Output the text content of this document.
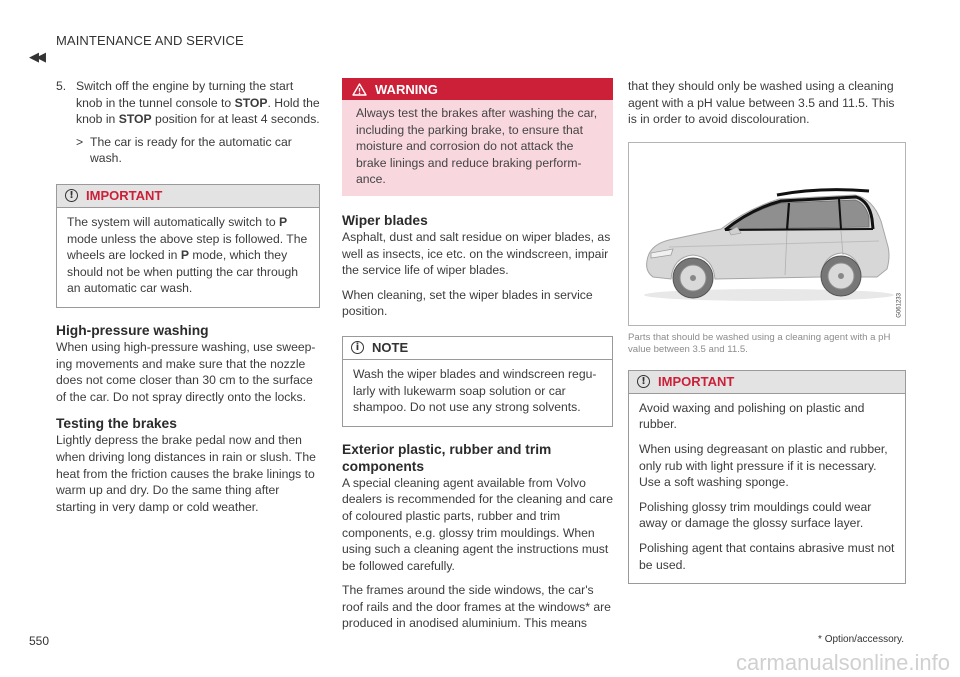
MAINTENANCE AND SERVICE
◀◀
5. Switch off the engine by turning the start knob in the tunnel console to STOP. Hold the knob in STOP position for at least 4 seconds.
> The car is ready for the automatic car wash.
! IMPORTANT

The system will automatically switch to P mode unless the above step is followed. The wheels are locked in P mode, which they should not be when putting the car through an automatic car wash.

High-pressure washing

When using high-pressure washing, use sweep-ing movements and make sure that the nozzle does not come closer than 30 cm to the surface of the car. Do not spray directly onto the locks.

Testing the brakes

Lightly depress the brake pedal now and then when driving long distances in rain or slush. The heat from the friction causes the brake linings to warm up and dry. Do the same thing after starting in very damp or cold weather.

WARNING

Always test the brakes after washing the car, including the parking brake, to ensure that moisture and corrosion do not attack the brake linings and reduce braking perform-ance.

Wiper blades

Asphalt, dust and salt residue on wiper blades, as well as insects, ice etc. on the windscreen, impair the service life of wiper blades.

When cleaning, set the wiper blades in service position.

i NOTE

Wash the wiper blades and windscreen regu-larly with lukewarm soap solution or car shampoo. Do not use any strong solvents.

Exterior plastic, rubber and trim components

A special cleaning agent available from Volvo dealers is recommended for the cleaning and care of coloured plastic parts, rubber and trim components, e.g. glossy trim mouldings. When using such a cleaning agent the instructions must be followed carefully.

The frames around the side windows, the car's roof rails and the door frames at the windows* are produced in anodised aluminium. This means

that they should only be washed using a cleaning agent with a pH value between 3.5 and 11.5. This is in order to avoid discolouration.

G061233
Parts that should be washed using a cleaning agent with a pH value between 3.5 and 11.5.
! IMPORTANT

Avoid waxing and polishing on plastic and rubber.

When using degreasant on plastic and rubber, only rub with light pressure if it is necessary. Use a soft washing sponge.

Polishing glossy trim mouldings could wear away or damage the glossy surface layer.

Polishing agent that contains abrasive must not be used.

550	* Option/accessory.
carmanualsonline.info
